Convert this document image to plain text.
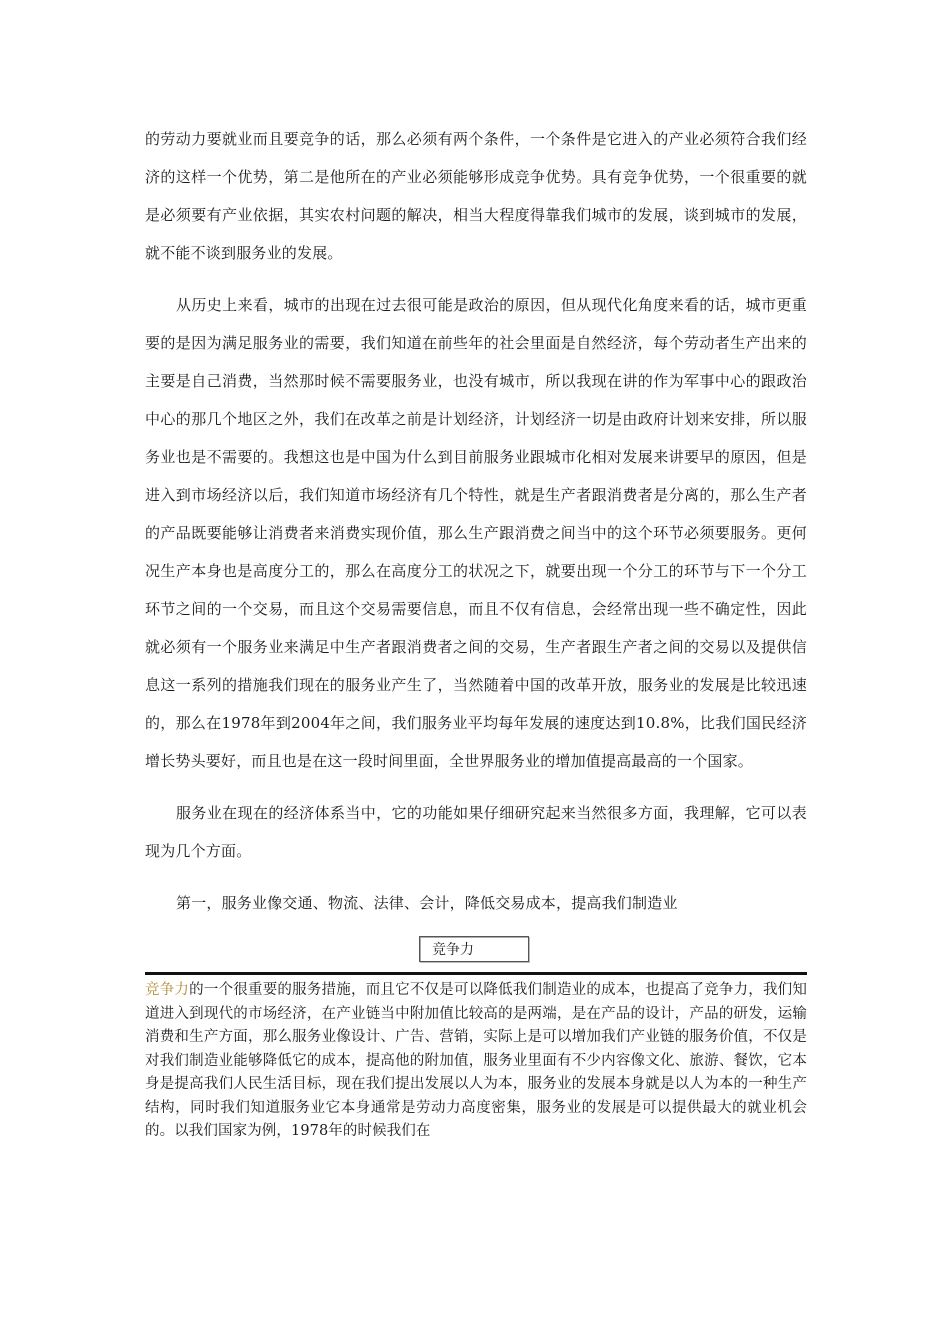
的劳动力要就业而且要竞争的话，那么必须有两个条件，一个条件是它进入的产业必须符合我们经济的这样一个优势，第二是他所在的产业必须能够形成竞争优势。具有竞争优势，一个很重要的就是必须要有产业依据，其实农村问题的解决，相当大程度得靠我们城市的发展，谈到城市的发展，就不能不谈到服务业的发展。

从历史上来看，城市的出现在过去很可能是政治的原因，但从现代化角度来看的话，城市更重要的是因为满足服务业的需要，我们知道在前些年的社会里面是自然经济，每个劳动者生产出来的主要是自己消费，当然那时候不需要服务业，也没有城市，所以我现在讲的作为军事中心的跟政治中心的那几个地区之外，我们在改革之前是计划经济，计划经济一切是由政府计划来安排，所以服务业也是不需要的。我想这也是中国为什么到目前服务业跟城市化相对发展来讲要早的原因，但是进入到市场经济以后，我们知道市场经济有几个特性，就是生产者跟消费者是分离的，那么生产者的产品既要能够让消费者来消费实现价值，那么生产跟消费之间当中的这个环节必须要服务。更何况生产本身也是高度分工的，那么在高度分工的状况之下，就要出现一个分工的环节与下一个分工环节之间的一个交易，而且这个交易需要信息，而且不仅有信息，会经常出现一些不确定性，因此就必须有一个服务业来满足中生产者跟消费者之间的交易，生产者跟生产者之间的交易以及提供信息这一系列的措施我们现在的服务业产生了，当然随着中国的改革开放，服务业的发展是比较迅速的，那么在1978年到2004年之间，我们服务业平均每年发展的速度达到10.8%，比我们国民经济增长势头要好，而且也是在这一段时间里面，全世界服务业的增加值提高最高的一个国家。

服务业在现在的经济体系当中，它的功能如果仔细研究起来当然很多方面，我理解，它可以表现为几个方面。

第一，服务业像交通、物流、法律、会计，降低交易成本，提高我们制造业

竞争力

竞争力的一个很重要的服务措施，而且它不仅是可以降低我们制造业的成本，也提高了竞争力，我们知道进入到现代的市场经济，在产业链当中附加值比较高的是两端，是在产品的设计，产品的研发，运输消费和生产方面，那么服务业像设计、广告、营销，实际上是可以增加我们产业链的服务价值，不仅是对我们制造业能够降低它的成本，提高他的附加值，服务业里面有不少内容像文化、旅游、餐饮，它本身是提高我们人民生活目标，现在我们提出发展以人为本，服务业的发展本身就是以人为本的一种生产结构，同时我们知道服务业它本身通常是劳动力高度密集，服务业的发展是可以提供最大的就业机会的。以我们国家为例，1978年的时候我们在
